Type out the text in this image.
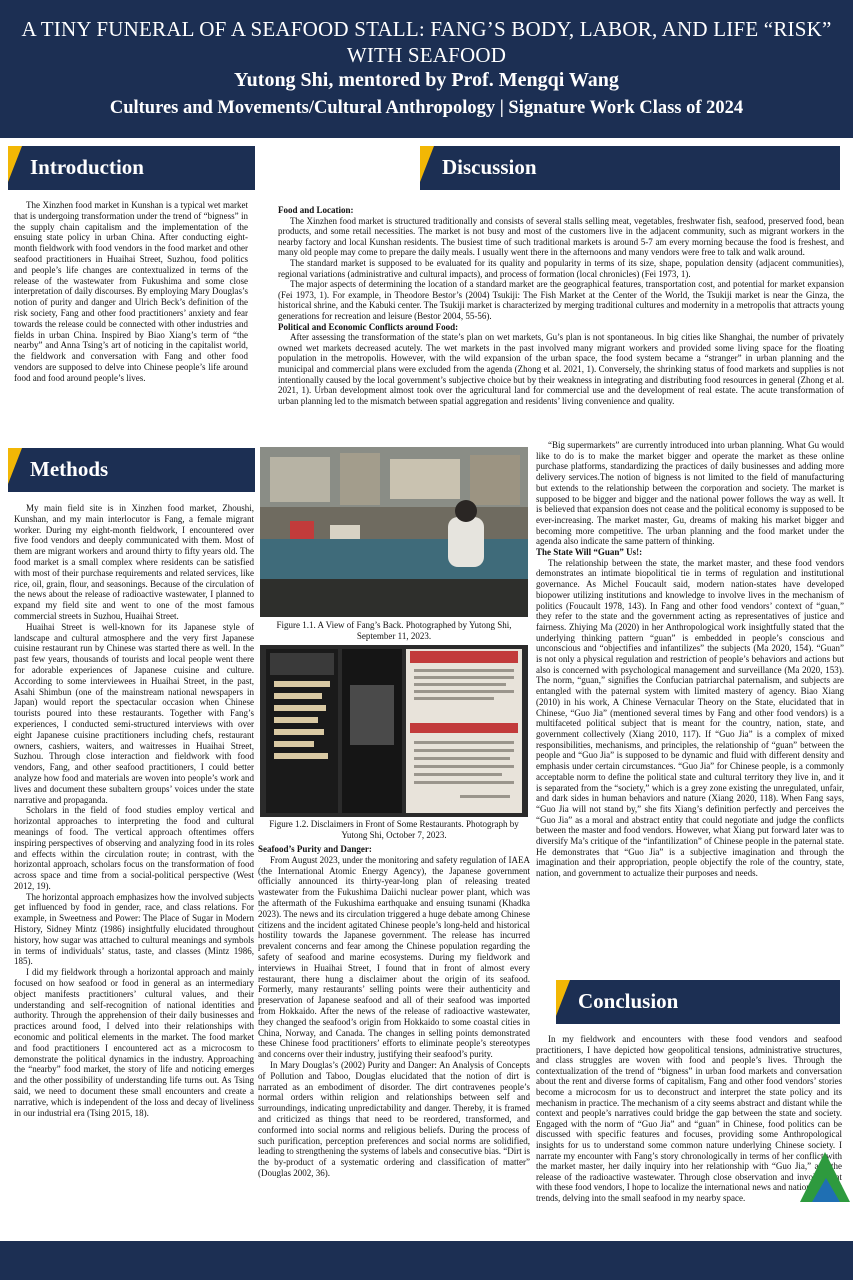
A TINY FUNERAL OF A SEAFOOD STALL: FANG’S BODY, LABOR, AND LIFE “RISK” WITH SEAFOOD
Yutong Shi, mentored by Prof. Mengqi Wang
Cultures and Movements/Cultural Anthropology | Signature Work Class of 2024
Introduction

The Xinzhen food market in Kunshan is a typical wet market that is undergoing transformation under the trend of “bigness” in the supply chain capitalism and the implementation of the ensuing state policy in urban China. After conducting eight-month fieldwork with food vendors in the food market and other seafood practitioners in Huaihai Street, Suzhou, food politics and people’s life changes are contextualized in terms of the release of the wastewater from Fukushima and some close interpretation of daily discourses. By employing Mary Douglas’s notion of purity and danger and Ulrich Beck’s definition of the risk society, Fang and other food practitioners’ anxiety and fear towards the release could be connected with other industries and fields in urban China. Inspired by Biao Xiang’s term of “the nearby” and Anna Tsing’s art of noticing in the capitalist world, the fieldwork and conversation with Fang and other food vendors are supposed to delve into Chinese people’s life around food and food around people’s lives.

Methods

My main field site is in Xinzhen food market, Zhoushi, Kunshan, and my main interlocutor is Fang, a female migrant worker. During my eight-month fieldwork, I encountered over five food vendors and deeply communicated with them. Most of them are migrant workers and around thirty to fifty years old. The food market is a small complex where residents can be satisfied with most of their purchase requirements and related services, like rice, oil, grain, flour, and seasonings. Because of the circulation of the news about the release of radioactive wastewater, I planned to expand my field site and went to one of the most famous commercial streets in Suzhou, Huaihai Street.

Huaihai Street is well-known for its Japanese style of landscape and cultural atmosphere and the very first Japanese cuisine restaurant run by Chinese was started there as well. In the past few years, thousands of tourists and local people went there for adorable experiences of Japanese cuisine and culture. According to some interviewees in Huaihai Street, in the past, Asahi Shimbun (one of the mainstream national newspapers in Japan) would report the spectacular occasion when Chinese tourists poured into these restaurants. Together with Fang’s experiences, I conducted semi-structured interviews with over eight Japanese cuisine practitioners including chefs, restaurant owners, cashiers, waiters, and waitresses in Huaihai Street, Suzhou. Through close interaction and fieldwork with food vendors, Fang, and other seafood practitioners, I could better analyze how food and materials are woven into people’s work and lives and document these subaltern groups’ voices under the state narrative and propaganda.

Scholars in the field of food studies employ vertical and horizontal approaches to interpreting the food and cultural meanings of food. The vertical approach oftentimes offers inspiring perspectives of observing and analyzing food in its roles and effects within the circulation route; in contrast, with the horizontal approach, scholars focus on the transformation of food across space and time from a social-political perspective (West 2012, 19).

The horizontal approach emphasizes how the involved subjects get influenced by food in gender, race, and class relations. For example, in Sweetness and Power: The Place of Sugar in Modern History, Sidney Mintz (1986) insightfully elucidated throughout history, how sugar was attached to cultural meanings and symbols in terms of individuals’ status, taste, and classes (Mintz 1986, 185).

I did my fieldwork through a horizontal approach and mainly focused on how seafood or food in general as an intermediary object manifests practitioners’ cultural values, and their understanding and self-recognition of national identities and authority. Through the apprehension of their daily businesses and practices around food, I delved into their relationships with economic and political elements in the market. The food market and food practitioners I encountered act as a microcosm to demonstrate the political dynamics in the industry. Approaching the “nearby” food market, the story of life and noticing emerges and the other possibility of understanding life turns out. As Tsing said, we need to document these small encounters and create a narrative, which is independent of the loss and decay of liveliness in our industrial era (Tsing 2015, 18).

Discussion

Food and Location:

The Xinzhen food market is structured traditionally and consists of several stalls selling meat, vegetables, freshwater fish, seafood, preserved food, bean products, and some retail necessities. The market is not busy and most of the customers live in the adjacent community, such as migrant workers in the nearby factory and local Kunshan residents. The busiest time of such traditional markets is around 5-7 am every morning because the food is freshest, and many old people may come to prepare the daily meals. I usually went there in the afternoons and many vendors were free to talk and walk around.

The standard market is supposed to be evaluated for its quality and popularity in terms of its size, shape, population density (adjacent communities), regional variations (administrative and cultural impacts), and process of formation (local chronicles) (Fei 1973, 1).

The major aspects of determining the location of a standard market are the geographical features, transportation cost, and potential for market expansion (Fei 1973, 1). For example, in Theodore Bestor’s (2004) Tsukiji: The Fish Market at the Center of the World, the Tsukiji market is near the Ginza, the historical shrine, and the Kabuki center. The Tsukiji market is characterized by merging traditional cultures and modernity in a metropolis that attracts young generations for recreation and leisure (Bestor 2004, 55-56).

Political and Economic Conflicts around Food:

After assessing the transformation of the state’s plan on wet markets, Gu’s plan is not spontaneous. In big cities like Shanghai, the number of privately owned wet markets decreased acutely. The wet markets in the past involved many migrant workers and provided some living space for the floating population in the metropolis. However, with the wild expansion of the urban space, the food system became a “stranger” in urban planning and the municipal and commercial plans were excluded from the agenda (Zhong et al. 2021, 1). Conversely, the shrinking status of food markets and supplies is not intentionally caused by the local government’s subjective choice but by their weakness in integrating and distributing food resources in general (Zhong et al. 2021, 1). Urban development almost took over the agricultural land for commercial use and the development of real estate. The acute transformation of urban planning led to the mismatch between spatial aggregation and residents’ living convenience and quality.

Figure 1.1. A View of Fang’s Back. Photographed by Yutong Shi, September 11, 2023.
Figure 1.2. Disclaimers in Front of Some Restaurants. Photograph by Yutong Shi, October 7, 2023.

“Big supermarkets” are currently introduced into urban planning. What Gu would like to do is to make the market bigger and operate the market as these online purchase platforms, standardizing the practices of daily businesses and adding more delivery services.The notion of bigness is not limited to the field of manufacturing but extends to the relationship between the corporation and society. The market is supposed to be bigger and bigger and the national power follows the way as well. It is believed that expansion does not cease and the political economy is supposed to be ever-increasing. The market master, Gu, dreams of making his market bigger and becoming more competitive. The urban planning and the food market under the agenda also indicate the same pattern of thinking.

The State Will “Guan” Us!:

The relationship between the state, the market master, and these food vendors demonstrates an intimate biopolitical tie in terms of regulation and institutional governance. As Michel Foucault said, modern nation-states have developed biopower utilizing institutions and knowledge to involve lives in the mechanism of politics (Foucault 1978, 143). In Fang and other food vendors’ context of “guan,” they refer to the state and the government acting as representatives of justice and fairness. Zhiying Ma (2020) in her Anthropological work insightfully stated that the underlying thinking pattern “guan” is embedded in people’s conscious and unconscious and “objectifies and infantilizes” the subjects (Ma 2020, 154). “Guan” is not only a physical regulation and restriction of people’s behaviors and actions but also is concerned with psychological management and surveillance (Ma 2020, 153). The norm, “guan,” signifies the Confucian patriarchal paternalism, and subjects are entangled with the paternal system with limited mastery of agency. Biao Xiang (2010) in his work, A Chinese Vernacular Theory on the State, elucidated that in Chinese, “Guo Jia” (mentioned several times by Fang and other food vendors) is a multifaceted political subject that is meant for the country, nation, state, and government collectively (Xiang 2010, 117). If “Guo Jia” is a complex of mixed responsibilities, mechanisms, and principles, the relationship of “guan” between the people and “Guo Jia” is supposed to be dynamic and fluid with different density and emphasis under certain circumstances. “Guo Jia” for Chinese people, is a commonly acceptable norm to define the political state and cultural territory they live in, and it is separated from the “society,” which is a grey zone existing the unregulated, unfair, and dark sides in human behaviors and nature (Xiang 2020, 118). When Fang says, “Guo Jia will not stand by,” she fits Xiang’s definition perfectly and perceives the “Guo Jia” as a moral and abstract entity that could negotiate and judge the conflicts between the master and food vendors. However, what Xiang put forward later was to diversify Ma’s critique of the “infantilization” of Chinese people in the paternal state. He demonstrates that “Guo Jia” is a subjective imagination and through the imagination and their appropriation, people objectify the role of the country, state, nation, and government to actualize their purposes and needs.

Seafood’s Purity and Danger:

From August 2023, under the monitoring and safety regulation of IAEA (the International Atomic Energy Agency), the Japanese government officially announced its thirty-year-long plan of releasing treated wastewater from the Fukushima Daiichi nuclear power plant, which was the aftermath of the Fukushima earthquake and ensuing tsunami (Khadka 2023). The news and its circulation triggered a huge debate among Chinese citizens and the incident agitated Chinese people’s long-held and historical hostility towards the Japanese government. The release has incurred prevalent concerns and fear among the Chinese population regarding the safety of seafood and marine ecosystems. During my fieldwork and interviews in Huaihai Street, I found that in front of almost every restaurant, there hung a disclaimer about the origin of its seafood. Formerly, many restaurants’ selling points were their authenticity and preservation of Japanese seafood and all of their seafood was imported from Hokkaido. After the news of the release of radioactive wastewater, they changed the seafood’s origin from Hokkaido to some coastal cities in China, Norway, and Canada. The changes in selling points demonstrated these Chinese food practitioners’ efforts to eliminate people’s stereotypes and concerns over their industry, justifying their seafood’s purity.

In Mary Douglas’s (2002) Purity and Danger: An Analysis of Concepts of Pollution and Taboo, Douglas elucidated that the notion of dirt is narrated as an embodiment of disorder. The dirt contravenes people’s normal orders within religion and relationships between self and surroundings, indicating unpredictability and danger. Thereby, it is framed and criticized as things that need to be reordered, transformed, and conformed into social norms and religious beliefs. During the process of such purification, perception preferences and social norms are solidified, leading to strengthening the systems of labels and consecutive bias. “Dirt is the by-product of a systematic ordering and classification of matter” (Douglas 2002, 36).

Conclusion

In my fieldwork and encounters with these food vendors and seafood practitioners, I have depicted how geopolitical tensions, administrative structures, and class struggles are woven with food and people’s lives. Through the contextualization of the trend of “bigness” in urban food markets and conversation about the rent and diverse forms of capitalism, Fang and other food vendors’ stories become a microcosm for us to deconstruct and interpret the state policy and its mechanism in practice. The mechanism of a city seems abstract and distant while the context and people’s narratives could bridge the gap between the state and society. Engaged with the norm of “Guo Jia” and “guan” in Chinese, food politics can be discussed with specific features and focuses, providing some Anthropological insights for us to understand some common nature underlying Chinese society. I narrate my encounter with Fang’s story chronologically in terms of her conflict with the market master, her daily inquiry into her relationship with “Guo Jia,” and the release of the radioactive wastewater. Through close observation and involvement with these food vendors, I hope to localize the international news and national policy trends, delving into the small seafood in my nearby space.
